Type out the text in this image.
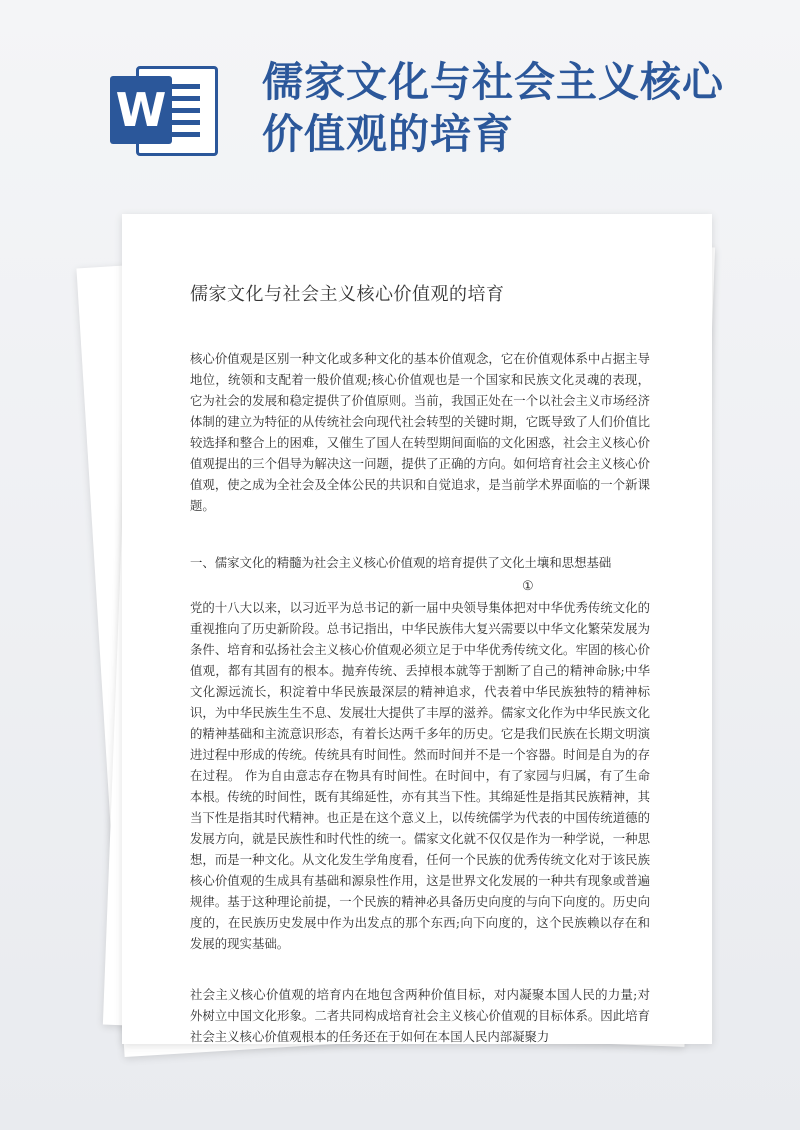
W
儒家文化与社会主义核心价值观的培育
儒家文化与社会主义核心价值观的培育

核心价值观是区别一种文化或多种文化的基本价值观念，它在价值观体系中占据主导地位，统领和支配着一般价值观;核心价值观也是一个国家和民族文化灵魂的表现，它为社会的发展和稳定提供了价值原则。当前，我国正处在一个以社会主义市场经济体制的建立为特征的从传统社会向现代社会转型的关键时期，它既导致了人们价值比较选择和整合上的困难，又催生了国人在转型期间面临的文化困惑，社会主义核心价值观提出的三个倡导为解决这一问题，提供了正确的方向。如何培育社会主义核心价值观，使之成为全社会及全体公民的共识和自觉追求，是当前学术界面临的一个新课题。

一、儒家文化的精髓为社会主义核心价值观的培育提供了文化土壤和思想基础

①

党的十八大以来，以习近平为总书记的新一届中央领导集体把对中华优秀传统文化的重视推向了历史新阶段。总书记指出，中华民族伟大复兴需要以中华文化繁荣发展为条件、培育和弘扬社会主义核心价值观必须立足于中华优秀传统文化。牢固的核心价值观，都有其固有的根本。抛弃传统、丢掉根本就等于割断了自己的精神命脉;中华文化源远流长，积淀着中华民族最深层的精神追求，代表着中华民族独特的精神标识，为中华民族生生不息、发展壮大提供了丰厚的滋养。儒家文化作为中华民族文化的精神基础和主流意识形态，有着长达两千多年的历史。它是我们民族在长期文明演进过程中形成的传统。传统具有时间性。然而时间并不是一个容器。时间是自为的存在过程。 作为自由意志存在物具有时间性。在时间中，有了家园与归属，有了生命本根。传统的时间性，既有其绵延性，亦有其当下性。其绵延性是指其民族精神，其当下性是指其时代精神。也正是在这个意义上，以传统儒学为代表的中国传统道德的发展方向，就是民族性和时代性的统一。儒家文化就不仅仅是作为一种学说，一种思想，而是一种文化。从文化发生学角度看，任何一个民族的优秀传统文化对于该民族核心价值观的生成具有基础和源泉性作用，这是世界文化发展的一种共有现象或普遍规律。基于这种理论前提，一个民族的精神必具备历史向度的与向下向度的。历史向度的，在民族历史发展中作为出发点的那个东西;向下向度的，这个民族赖以存在和发展的现实基础。

社会主义核心价值观的培育内在地包含两种价值目标，对内凝聚本国人民的力量;对外树立中国文化形象。二者共同构成培育社会主义核心价值观的目标体系。因此培育社会主义核心价值观根本的任务还在于如何在本国人民内部凝聚力
